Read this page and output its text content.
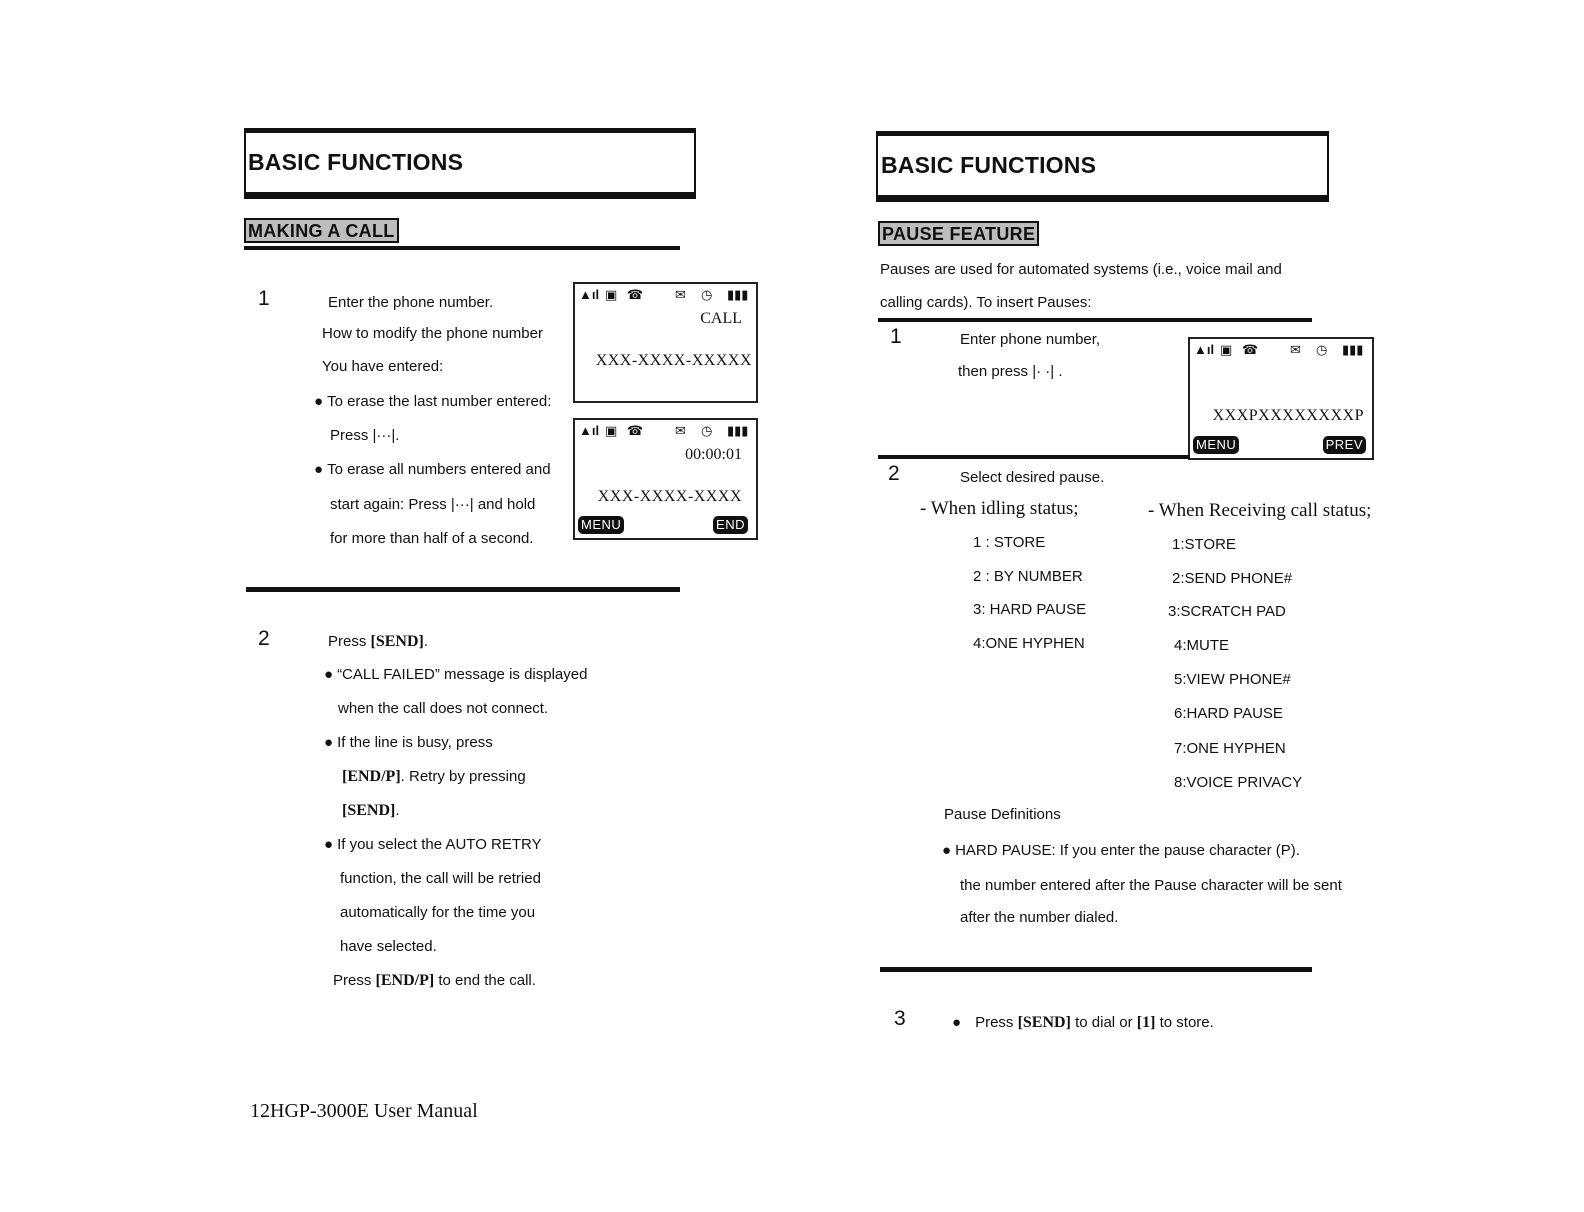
BASIC FUNCTIONS
MAKING A CALL
1	Enter the phone number.
How to modify the phone number
You have entered:
● To erase the last number entered:
Press |···|.
● To erase all numbers entered and
start again: Press |···| and hold
for more than half of a second.
▲ıl ▣ ☎ ✉ ◷ ▮▮▮
CALL
XXX-XXXX-XXXXX
▲ıl ▣ ☎ ✉ ◷ ▮▮▮
00:00:01
XXX-XXXX-XXXX
MENU	END
2	Press [SEND].
● “CALL FAILED” message is displayed
when the call does not connect.
● If the line is busy, press
[END/P]. Retry by pressing
[SEND].
● If you select the AUTO RETRY
function, the call will be retried
automatically for the time you
have selected.
Press [END/P] to end the call.
12HGP-3000E User Manual
BASIC FUNCTIONS
PAUSE FEATURE
Pauses are used for automated systems (i.e., voice mail and
calling cards). To insert Pauses:
1	Enter phone number,
then press |· ·| .
▲ıl ▣ ☎ ✉ ◷ ▮▮▮
XXXPXXXXXXXXP
MENU	PREV
2	Select desired pause.
- When idling status;	- When Receiving call status;
1 : STORE
2 : BY NUMBER
3: HARD PAUSE
4:ONE HYPHEN
1:STORE
2:SEND PHONE#
3:SCRATCH PAD
4:MUTE
5:VIEW PHONE#
6:HARD PAUSE
7:ONE HYPHEN
8:VOICE PRIVACY
Pause Definitions
● HARD PAUSE: If you enter the pause character (P).
the number entered after the Pause character will be sent
after the number dialed.
3	● Press [SEND] to dial or [1] to store.
